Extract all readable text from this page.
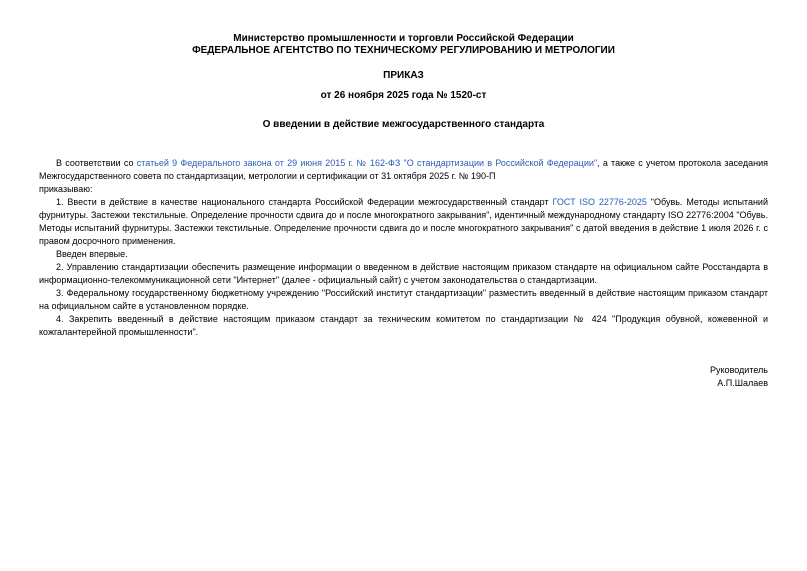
Министерство промышленности и торговли Российской Федерации
ФЕДЕРАЛЬНОЕ АГЕНТСТВО ПО ТЕХНИЧЕСКОМУ РЕГУЛИРОВАНИЮ И МЕТРОЛОГИИ
ПРИКАЗ
от 26 ноября 2025 года № 1520-ст
О введении в действие межгосударственного стандарта

В соответствии со статьей 9 Федерального закона от 29 июня 2015 г. № 162-ФЗ "О стандартизации в Российской Федерации", а также с учетом протокола заседания Межгосударственного совета по стандартизации, метрологии и сертификации от 31 октября 2025 г. № 190-П

приказываю:

1. Ввести в действие в качестве национального стандарта Российской Федерации межгосударственный стандарт ГОСТ ISO 22776-2025 "Обувь. Методы испытаний фурнитуры. Застежки текстильные. Определение прочности сдвига до и после многократного закрывания", идентичный международному стандарту ISO 22776:2004 "Обувь. Методы испытаний фурнитуры. Застежки текстильные. Определение прочности сдвига до и после многократного закрывания" с датой введения в действие 1 июля 2026 г. с правом досрочного применения.

Введен впервые.

2. Управлению стандартизации обеспечить размещение информации о введенном в действие настоящим приказом стандарте на официальном сайте Росстандарта в информационно-телекоммуникационной сети "Интернет" (далее - официальный сайт) с учетом законодательства о стандартизации.

3. Федеральному государственному бюджетному учреждению "Российский институт стандартизации" разместить введенный в действие настоящим приказом стандарт на официальном сайте в установленном порядке.

4. Закрепить введенный в действие настоящим приказом стандарт за техническим комитетом по стандартизации № 424 "Продукция обувной, кожевенной и кожгалантерейной промышленности".

Руководитель
А.П.Шалаев
